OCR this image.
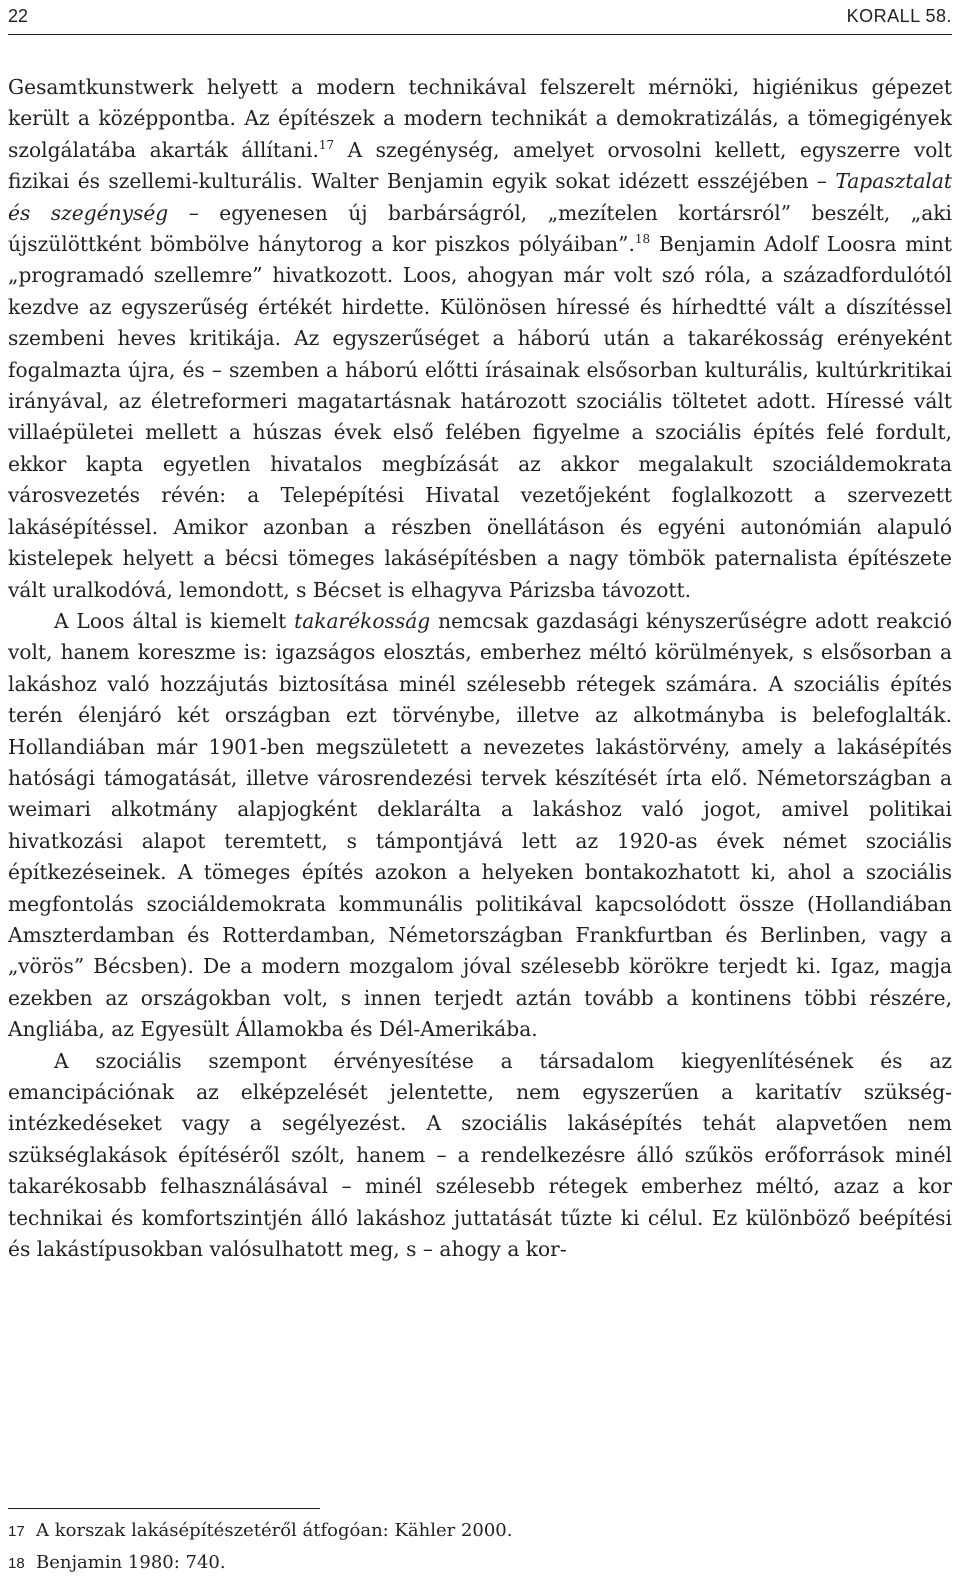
22	KORALL 58.

Gesamtkunstwerk helyett a modern technikával felszerelt mérnöki, higiénikus gépezet került a középpontba. Az építészek a modern technikát a demokratizálás, a tömegigények szolgálatába akarták állítani.$^{17}$ A szegénység, amelyet orvosolni kellett, egyszerre volt fizikai és szellemi-kulturális. Walter Benjamin egyik sokat idézett esszéjében – Tapasztalat és szegénység – egyenesen új barbárságról, „mezítelen kortársról” beszélt, „aki újszülöttként bömbölve hánytorog a kor piszkos pólyáiban”.$^{18}$ Benjamin Adolf Loosra mint „programadó szellemre” hivatkozott. Loos, ahogyan már volt szó róla, a századfordulótól kezdve az egyszerűség értékét hirdette. Különösen híressé és hírhedtté vált a díszítéssel szembeni heves kritikája. Az egyszerűséget a háború után a takarékosság erényeként fogalmazta újra, és – szemben a háború előtti írásainak elsősorban kulturális, kultúrkritikai irányával, az életreformeri magatartásnak határozott szociális töltetet adott. Híressé vált villaépületei mellett a húszas évek első felében figyelme a szociális építés felé fordult, ekkor kapta egyetlen hivatalos megbízását az akkor megalakult szociáldemokrata városvezetés révén: a Telepépítési Hivatal vezetőjeként foglalkozott a szervezett lakásépítéssel. Amikor azonban a részben önellátáson és egyéni autonómián alapuló kistelepek helyett a bécsi tömeges lakásépítésben a nagy tömbök paternalista építészete vált uralkodóvá, lemondott, s Bécset is elhagyva Párizsba távozott.

A Loos által is kiemelt takarékosság nemcsak gazdasági kényszerűségre adott reakció volt, hanem koreszme is: igazságos elosztás, emberhez méltó körülmények, s elsősorban a lakáshoz való hozzájutás biztosítása minél szélesebb rétegek számára. A szociális építés terén élenjáró két országban ezt törvénybe, illetve az alkotmányba is belefoglalták. Hollandiában már 1901-ben megszületett a nevezetes lakástörvény, amely a lakásépítés hatósági támogatását, illetve városrendezési tervek készítését írta elő. Németországban a weimari alkotmány alapjogként deklarálta a lakáshoz való jogot, amivel politikai hivatkozási alapot teremtett, s támpontjává lett az 1920-as évek német szociális építkezéseinek. A tömeges építés azokon a helyeken bontakozhatott ki, ahol a szociális megfontolás szociáldemokrata kommunális politikával kapcsolódott össze (Hollandiában Amszterdamban és Rotterdamban, Németországban Frankfurtban és Berlinben, vagy a „vörös” Bécsben). De a modern mozgalom jóval szélesebb körökre terjedt ki. Igaz, magja ezekben az országokban volt, s innen terjedt aztán tovább a kontinens többi részére, Angliába, az Egyesült Államokba és Dél-Amerikába.

A szociális szempont érvényesítése a társadalom kiegyenlítésének és az emancipációnak az elképzelését jelentette, nem egyszerűen a karitatív szükségintézkedéseket vagy a segélyezést. A szociális lakásépítés tehát alapvetően nem szükséglakások építéséről szólt, hanem – a rendelkezésre álló szűkös erőforrások minél takarékosabb felhasználásával – minél szélesebb rétegek emberhez méltó, azaz a kor technikai és komfortszintjén álló lakáshoz juttatását tűzte ki célul. Ez különböző beépítési és lakástípusokban valósulhatott meg, s – ahogy a kor-

17 A korszak lakásépítészetéről átfogóan: Kähler 2000.
18 Benjamin 1980: 740.
